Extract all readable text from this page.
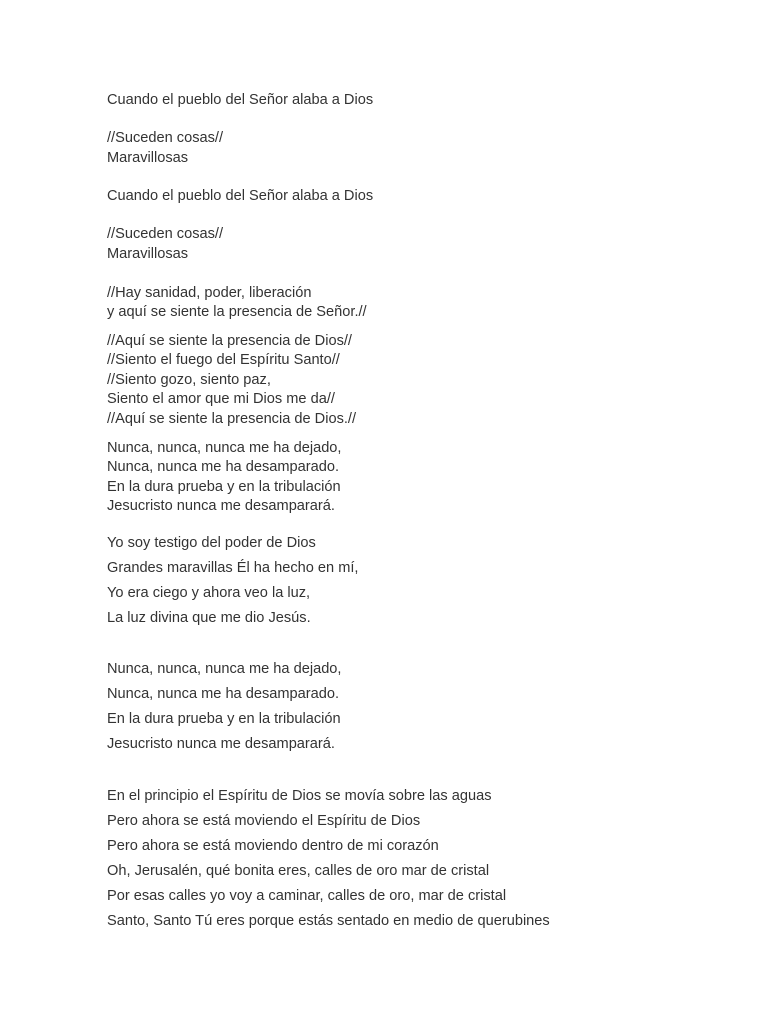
Cuando el pueblo del Señor alaba a Dios
//Suceden cosas//
Maravillosas
Cuando el pueblo del Señor alaba a Dios
//Suceden cosas//
Maravillosas
//Hay sanidad, poder, liberación
y aquí se siente la presencia de Señor.//
//Aquí se siente la presencia de Dios//
//Siento el fuego del Espíritu Santo//
//Siento gozo, siento paz,
Siento el amor que mi Dios me da//
//Aquí se siente la presencia de Dios.//
Nunca, nunca, nunca me ha dejado,
Nunca, nunca me ha desamparado.
En la dura prueba y en la tribulación
Jesucristo nunca me desamparará.
Yo soy testigo del poder de Dios
Grandes maravillas Él ha hecho en mí,
Yo era ciego y ahora veo la luz,
La luz divina que me dio Jesús.
Nunca, nunca, nunca me ha dejado,
Nunca, nunca me ha desamparado.
En la dura prueba y en la tribulación
Jesucristo nunca me desamparará.
En el principio el Espíritu de Dios se movía sobre las aguas
Pero ahora se está moviendo el Espíritu de Dios
Pero ahora se está moviendo dentro de mi corazón
Oh, Jerusalén, qué bonita eres, calles de oro mar de cristal
Por esas calles yo voy a caminar, calles de oro, mar de cristal
Santo, Santo Tú eres porque estás sentado en medio de querubines
